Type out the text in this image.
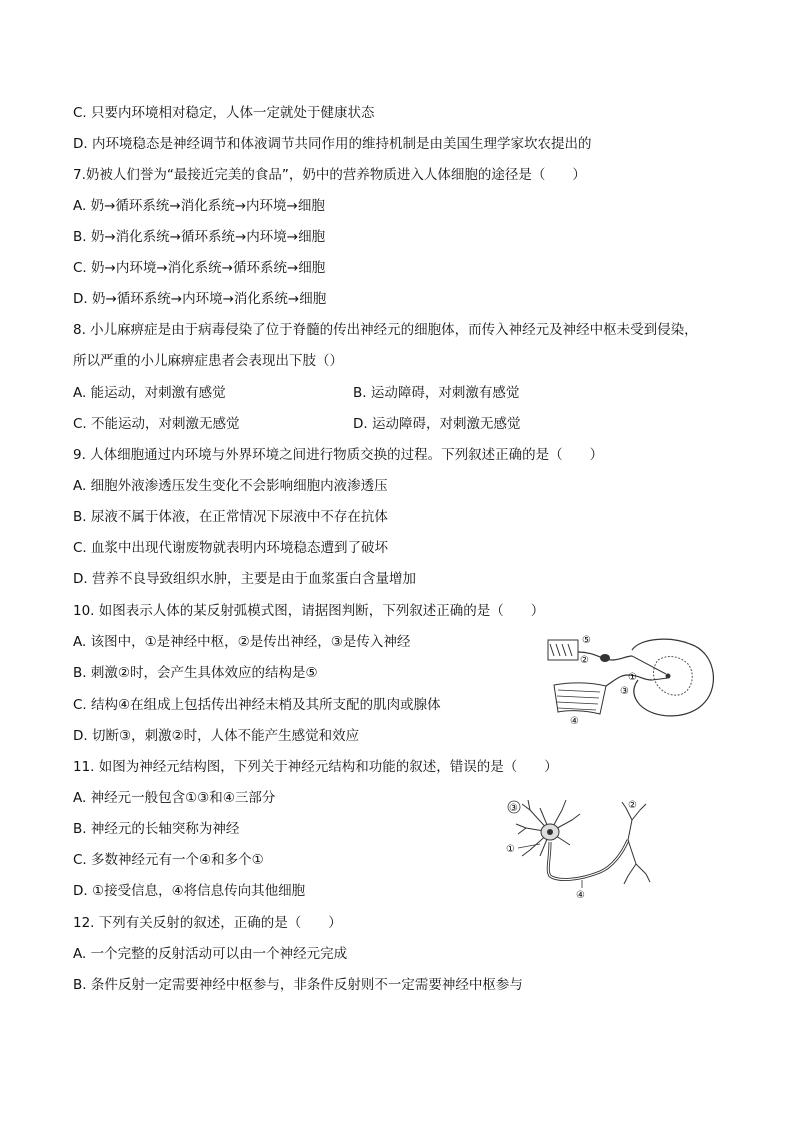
C. 只要内环境相对稳定，人体一定就处于健康状态
D. 内环境稳态是神经调节和体液调节共同作用的维持机制是由美国生理学家坎农提出的
7.奶被人们誉为“最接近完美的食品”，奶中的营养物质进入人体细胞的途径是（　　）
A. 奶→循环系统→消化系统→内环境→细胞
B. 奶→消化系统→循环系统→内环境→细胞
C. 奶→内环境→消化系统→循环系统→细胞
D. 奶→循环系统→内环境→消化系统→细胞
8. 小儿麻痹症是由于病毒侵染了位于脊髓的传出神经元的细胞体，而传入神经元及神经中枢未受到侵染，
所以严重的小儿麻痹症患者会表现出下肢（）
A. 能运动，对刺激有感觉	B. 运动障碍，对刺激有感觉
C. 不能运动，对刺激无感觉	D. 运动障碍，对刺激无感觉
9. 人体细胞通过内环境与外界环境之间进行物质交换的过程。下列叙述正确的是（　　）
A. 细胞外液渗透压发生变化不会影响细胞内液渗透压
B. 尿液不属于体液，在正常情况下尿液中不存在抗体
C. 血浆中出现代谢废物就表明内环境稳态遭到了破坏
D. 营养不良导致组织水肿，主要是由于血浆蛋白含量增加
10. 如图表示人体的某反射弧模式图，请据图判断，下列叙述正确的是（　　）
A. 该图中，①是神经中枢，②是传出神经，③是传入神经
B. 刺激②时，会产生具体效应的结构是⑤
C. 结构④在组成上包括传出神经末梢及其所支配的肌肉或腺体
D. 切断③，刺激②时，人体不能产生感觉和效应
11. 如图为神经元结构图，下列关于神经元结构和功能的叙述，错误的是（　　）
A. 神经元一般包含①③和④三部分
B. 神经元的长轴突称为神经
C. 多数神经元有一个④和多个①
D. ①接受信息，④将信息传向其他细胞
12. 下列有关反射的叙述，正确的是（　　）
A. 一个完整的反射活动可以由一个神经元完成
B. 条件反射一定需要神经中枢参与，非条件反射则不一定需要神经中枢参与
⑤
②
①
③
④
③	②
①
④
